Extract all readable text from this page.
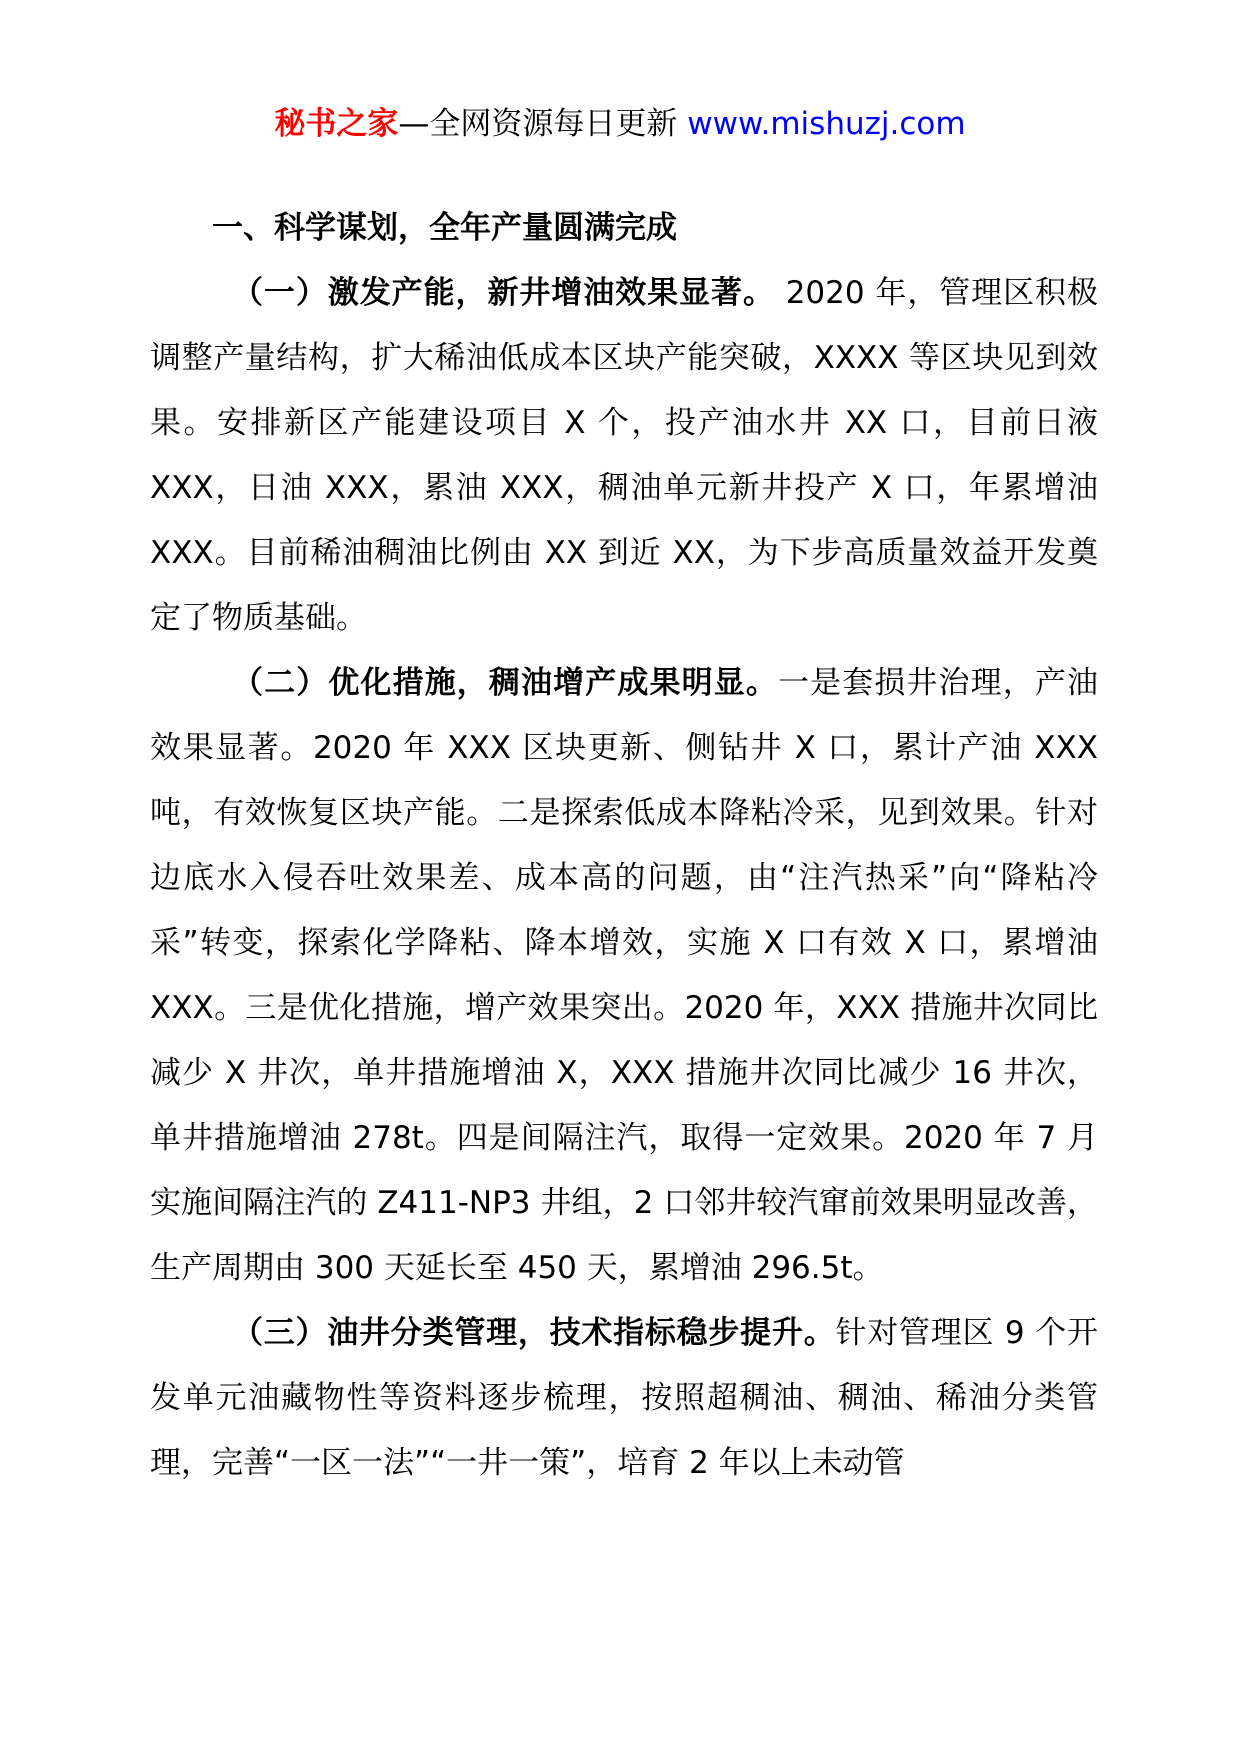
秘书之家—全网资源每日更新 www.mishuzj.com

一、科学谋划，全年产量圆满完成

（一）激发产能，新井增油效果显著。 2020 年，管理区积极调整产量结构，扩大稀油低成本区块产能突破，XXXX 等区块见到效果。安排新区产能建设项目 X 个，投产油水井 XX 口，目前日液 XXX，日油 XXX，累油 XXX，稠油单元新井投产 X 口，年累增油 XXX。目前稀油稠油比例由 XX 到近 XX，为下步高质量效益开发奠定了物质基础。

（二）优化措施，稠油增产成果明显。一是套损井治理，产油效果显著。2020 年 XXX 区块更新、侧钻井 X 口，累计产油 XXX 吨，有效恢复区块产能。二是探索低成本降粘冷采，见到效果。针对边底水入侵吞吐效果差、成本高的问题，由“注汽热采”向“降粘冷采”转变，探索化学降粘、降本增效，实施 X 口有效 X 口，累增油 XXX。三是优化措施，增产效果突出。2020 年，XXX 措施井次同比减少 X 井次，单井措施增油 X，XXX 措施井次同比减少 16 井次，单井措施增油 278t。四是间隔注汽，取得一定效果。2020 年 7 月实施间隔注汽的 Z411-NP3 井组，2 口邻井较汽窜前效果明显改善，生产周期由 300 天延长至 450 天，累增油 296.5t。

（三）油井分类管理，技术指标稳步提升。针对管理区 9 个开发单元油藏物性等资料逐步梳理，按照超稠油、稠油、稀油分类管理，完善“一区一法”“一井一策”，培育 2 年以上未动管
